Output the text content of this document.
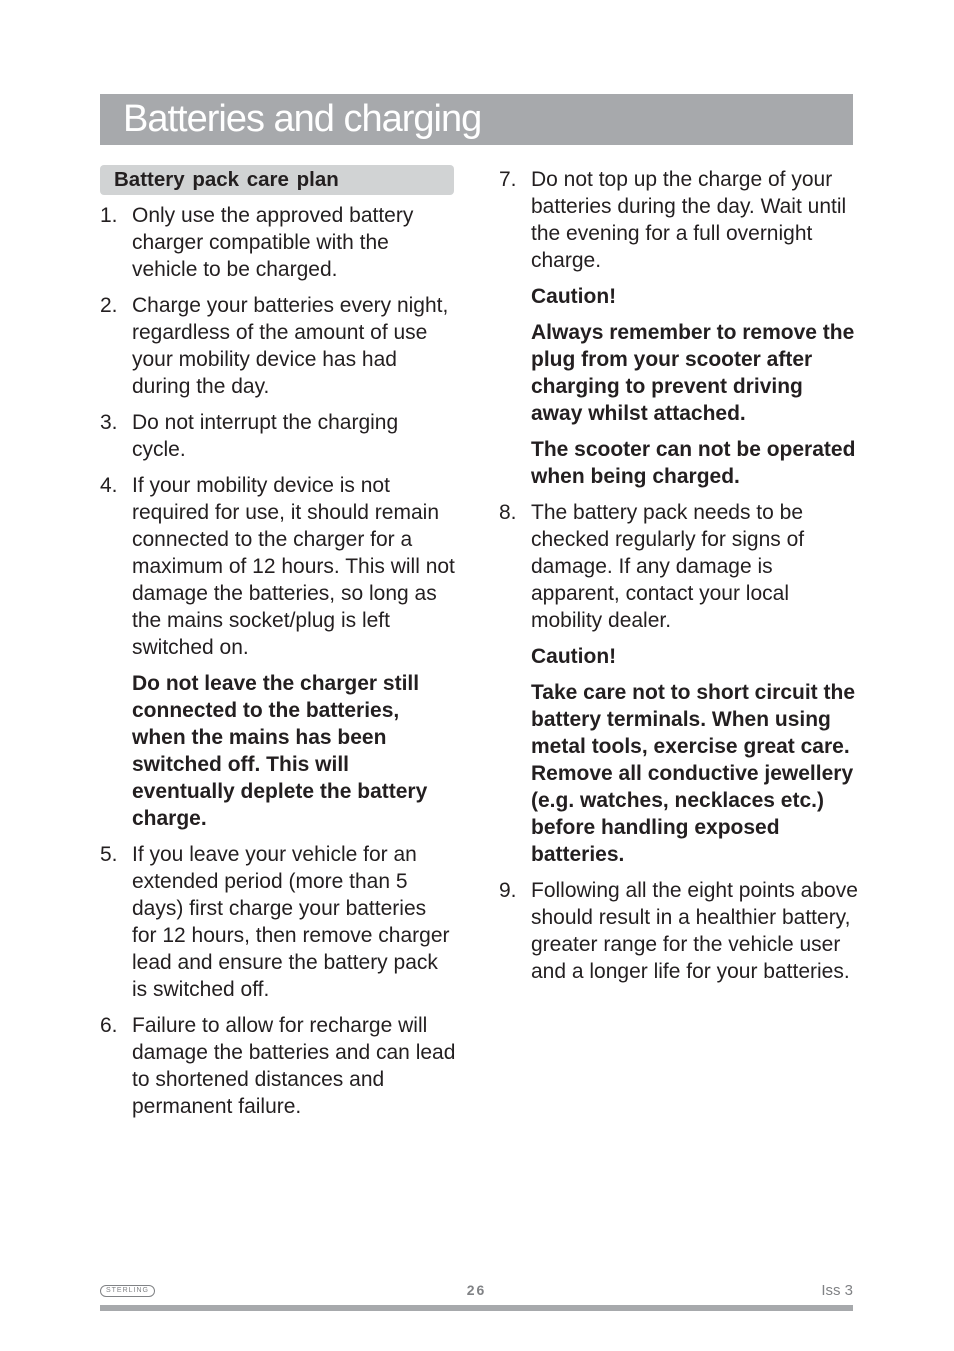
Batteries and charging
Battery pack care plan
1. Only use the approved battery charger compatible with the vehicle to be charged.

2. Charge your batteries every night, regardless of the amount of use your mobility device has had during the day.

3. Do not interrupt the charging cycle.

4. If your mobility device is not required for use, it should remain connected to the charger for a maximum of 12 hours. This will not damage the batteries, so long as the mains socket/plug is left switched on.

Do not leave the charger still connected to the batteries, when the mains has been switched off. This will eventually deplete the battery charge.

5. If you leave your vehicle for an extended period (more than 5 days) first charge your batteries for 12 hours, then remove charger lead and ensure the battery pack is switched off.

6. Failure to allow for recharge will damage the batteries and can lead to shortened distances and permanent failure.

7. Do not top up the charge of your batteries during the day. Wait until the evening for a full overnight charge.

Caution!

Always remember to remove the plug from your scooter after charging to prevent driving away whilst attached.

The scooter can not be operated when being charged.

8. The battery pack needs to be checked regularly for signs of damage. If any damage is apparent, contact your local mobility dealer.

Caution!

Take care not to short circuit the battery terminals. When using metal tools, exercise great care. Remove all conductive jewellery (e.g. watches, necklaces etc.) before handling exposed batteries.

9. Following all the eight points above should result in a healthier battery, greater range for the vehicle user and a longer life for your batteries.

STERLING	26	Iss 3
